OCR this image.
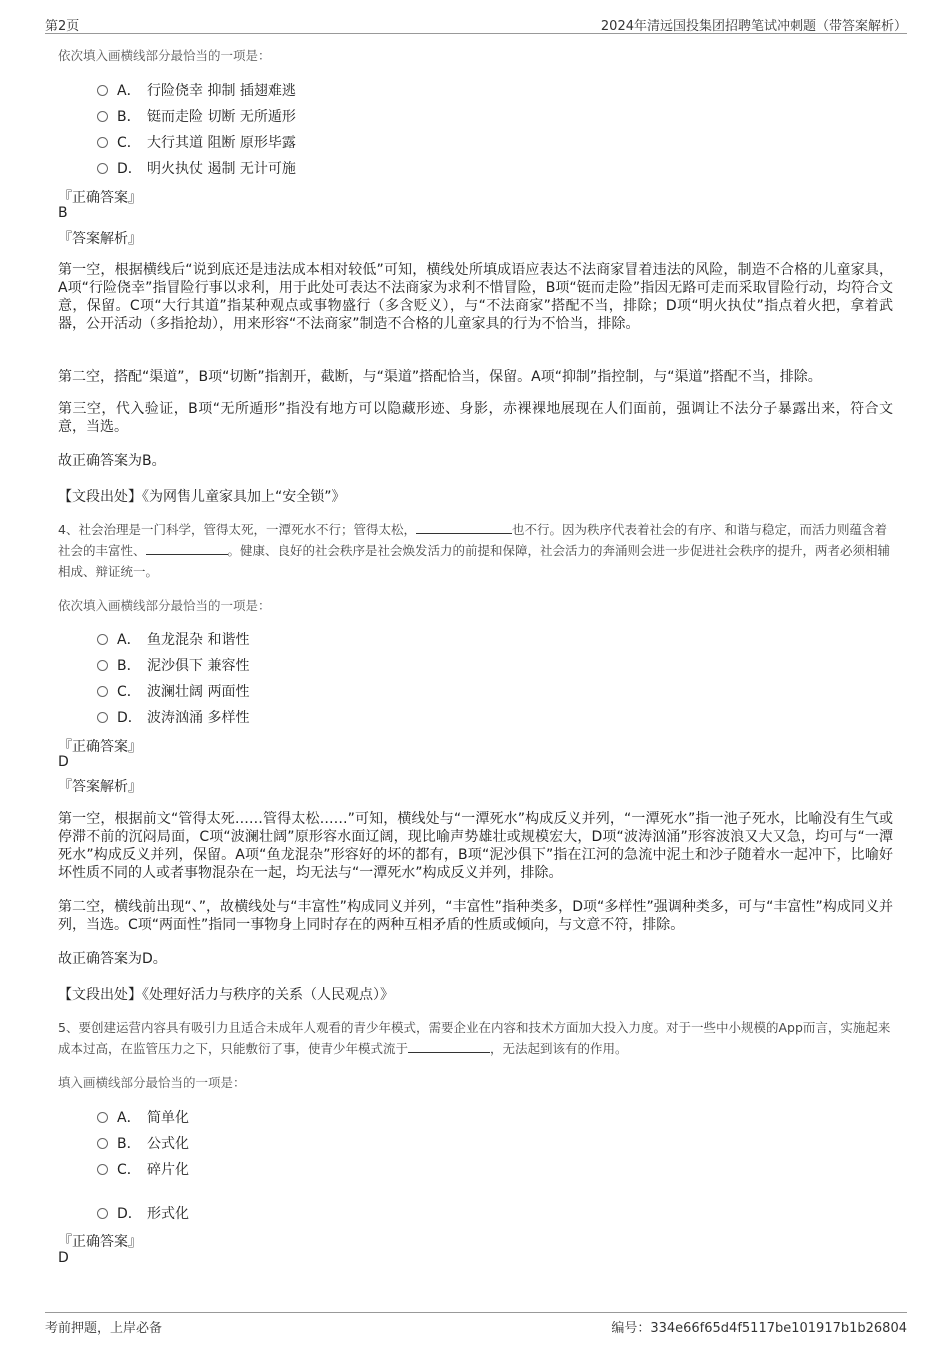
第2页	2024年清远国投集团招聘笔试冲刺题（带答案解析）
依次填入画横线部分最恰当的一项是：
A． 行险侥幸 抑制 插翅难逃
B． 铤而走险 切断 无所遁形
C． 大行其道 阻断 原形毕露
D． 明火执仗 遏制 无计可施
『正确答案』
B
『答案解析』
第一空，根据横线后“说到底还是违法成本相对较低”可知，横线处所填成语应表达不法商家冒着违法的风险，制造不合格的儿童家具，A项“行险侥幸”指冒险行事以求利，用于此处可表达不法商家为求利不惜冒险，B项“铤而走险”指因无路可走而采取冒险行动，均符合文意，保留。C项“大行其道”指某种观点或事物盛行（多含贬义），与“不法商家”搭配不当，排除；D项“明火执仗”指点着火把，拿着武器，公开活动（多指抢劫），用来形容“不法商家”制造不合格的儿童家具的行为不恰当，排除。
第二空，搭配“渠道”，B项“切断”指割开，截断，与“渠道”搭配恰当，保留。A项“抑制”指控制，与“渠道”搭配不当，排除。
第三空，代入验证，B项“无所遁形”指没有地方可以隐藏形迹、身影，赤裸裸地展现在人们面前，强调让不法分子暴露出来，符合文意，当选。
故正确答案为B。
【文段出处】《为网售儿童家具加上“安全锁”》
4、社会治理是一门科学，管得太死，一潭死水不行；管得太松，	也不行。因为秩序代表着社会的有序、和谐与稳定，而活力则蕴含着社会的丰富性、	。健康、良好的社会秩序是社会焕发活力的前提和保障，社会活力的奔涌则会进一步促进社会秩序的提升，两者必须相辅相成、辩证统一。
依次填入画横线部分最恰当的一项是：
A． 鱼龙混杂 和谐性
B． 泥沙俱下 兼容性
C． 波澜壮阔 两面性
D． 波涛汹涌 多样性
『正确答案』
D
『答案解析』
第一空，根据前文“管得太死……管得太松……”可知，横线处与“一潭死水”构成反义并列，“一潭死水”指一池子死水，比喻没有生气或停滞不前的沉闷局面，C项“波澜壮阔”原形容水面辽阔，现比喻声势雄壮或规模宏大，D项“波涛汹涌”形容波浪又大又急，均可与“一潭死水”构成反义并列，保留。A项“鱼龙混杂”形容好的坏的都有，B项“泥沙俱下”指在江河的急流中泥土和沙子随着水一起冲下，比喻好坏性质不同的人或者事物混杂在一起，均无法与“一潭死水”构成反义并列，排除。
第二空，横线前出现“、”，故横线处与“丰富性”构成同义并列，“丰富性”指种类多，D项“多样性”强调种类多，可与“丰富性”构成同义并列，当选。C项“两面性”指同一事物身上同时存在的两种互相矛盾的性质或倾向，与文意不符，排除。
故正确答案为D。
【文段出处】《处理好活力与秩序的关系（人民观点）》
5、要创建运营内容具有吸引力且适合未成年人观看的青少年模式，需要企业在内容和技术方面加大投入力度。对于一些中小规模的App而言，实施起来成本过高，在监管压力之下，只能敷衍了事，使青少年模式流于	，无法起到该有的作用。
填入画横线部分最恰当的一项是：
A． 简单化
B． 公式化
C． 碎片化
D． 形式化
『正确答案』
D
考前押题，上岸必备	编号：334e66f65d4f5117be101917b1b26804
